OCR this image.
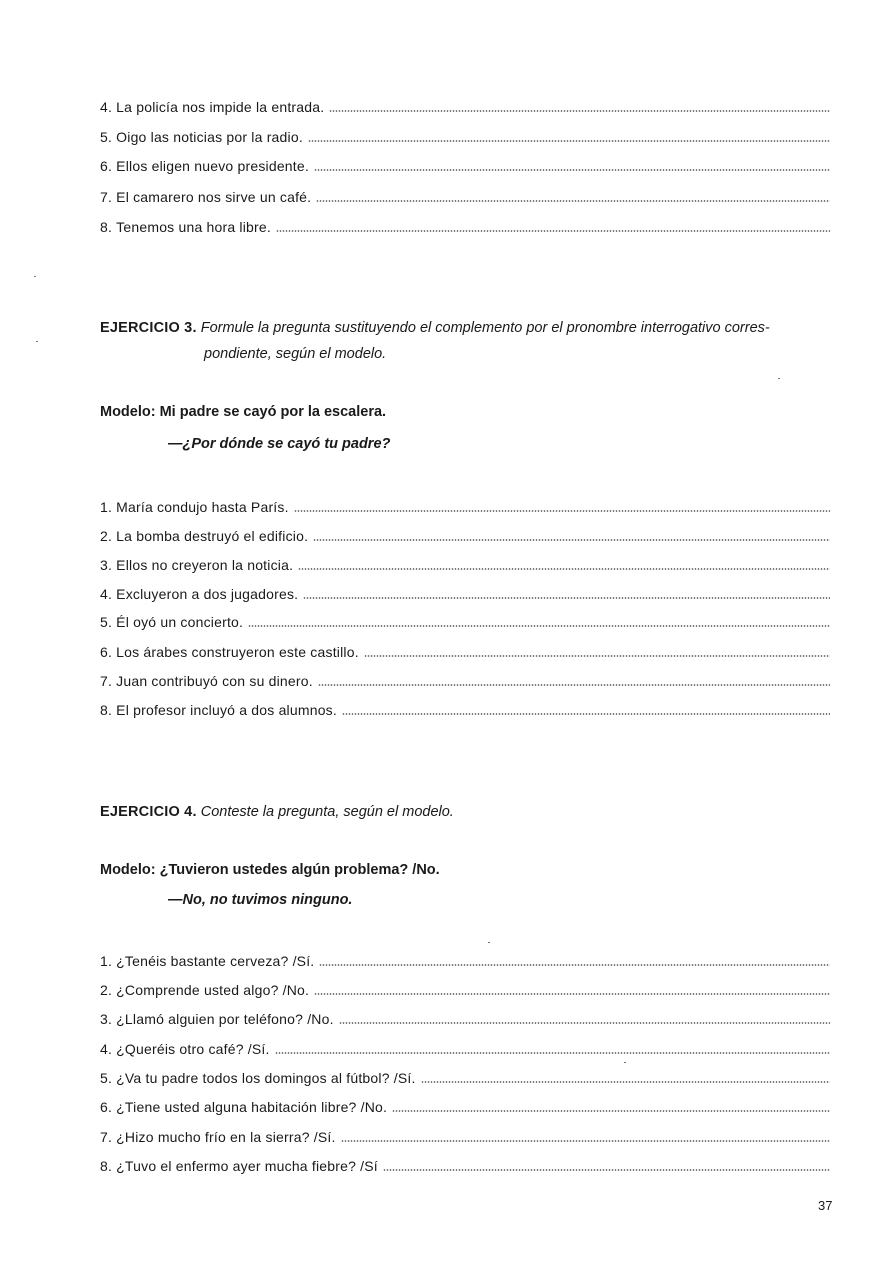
4.
La policía nos impide la entrada.
5.
Oigo las noticias por la radio.
6.
Ellos eligen nuevo presidente.
7.
El camarero nos sirve un café.
8.
Tenemos una hora libre.
EJERCICIO 3. Formule la pregunta sustituyendo el complemento por el pronombre interrogativo corres-
pondiente, según el modelo.
Modelo: Mi padre se cayó por la escalera.
—¿Por dónde se cayó tu padre?
1.
María condujo hasta París.
2.
La bomba destruyó el edificio.
3.
Ellos no creyeron la noticia.
4.
Excluyeron a dos jugadores.
5.
Él oyó un concierto.
6.
Los árabes construyeron este castillo.
7.
Juan contribuyó con su dinero.
8.
El profesor incluyó a dos alumnos.
EJERCICIO 4. Conteste la pregunta, según el modelo.
Modelo: ¿Tuvieron ustedes algún problema? /No.
—No, no tuvimos ninguno.
1.
¿Tenéis bastante cerveza? /Sí.
2.
¿Comprende usted algo? /No.
3.
¿Llamó alguien por teléfono? /No.
4.
¿Queréis otro café? /Sí.
5.
¿Va tu padre todos los domingos al fútbol? /Sí.
6.
¿Tiene usted alguna habitación libre? /No.
7.
¿Hizo mucho frío en la sierra? /Sí.
8.
¿Tuvo el enfermo ayer mucha fiebre? /Sí
37
